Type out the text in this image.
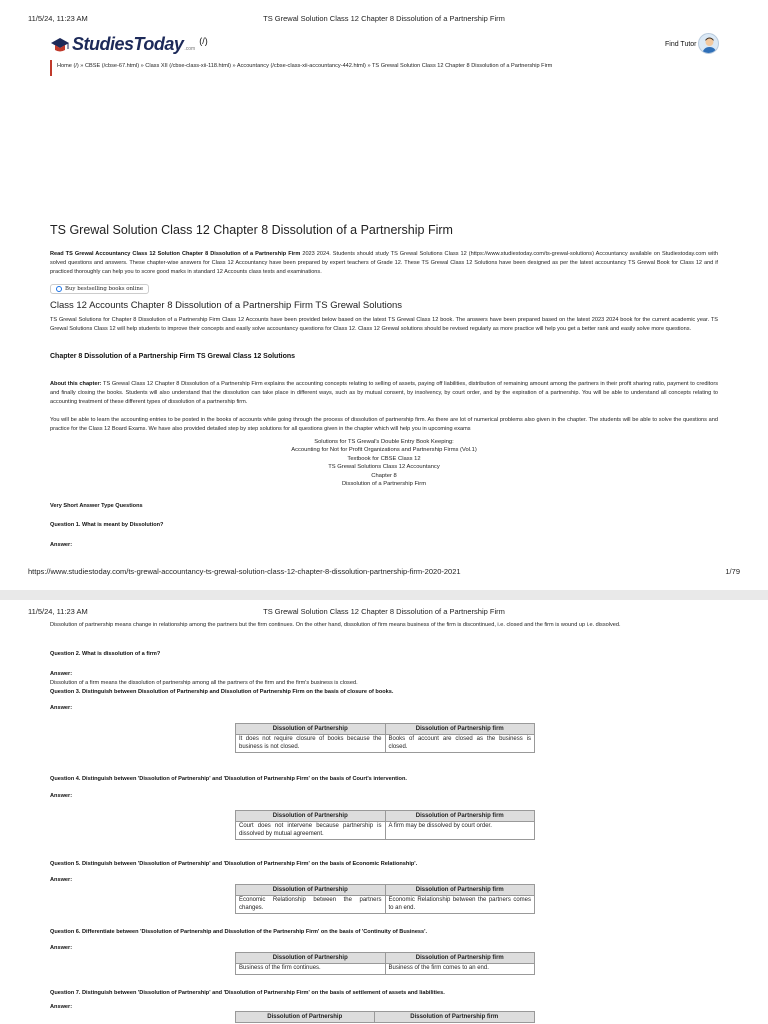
11/5/24, 11:23 AM	TS Grewal Solution Class 12 Chapter 8 Dissolution of a Partnership Firm
Studies Today .com
(/)	Find Tutor
Home (/) » CBSE (/cbse-67.html) » Class XII (/cbse-class-xii-118.html) » Accountancy (/cbse-class-xii-accountancy-442.html) » TS Grewal Solution Class 12 Chapter 8 Dissolution of a Partnership Firm
TS Grewal Solution Class 12 Chapter 8 Dissolution of a Partnership Firm
Read TS Grewal Accountancy Class 12 Solution Chapter 8 Dissolution of a Partnership Firm 2023 2024. Students should study TS Grewal Solutions Class 12 (https://www.studiestoday.com/ts-grewal-solutions) Accountancy available on Studiestoday.com with solved questions and answers. These chapter-wise answers for Class 12 Accountancy have been prepared by expert teachers of Grade 12. These TS Grewal Class 12 Solutions have been designed as per the latest accountancy TS Grewal Book for Class 12 and if practiced thoroughly can help you to score good marks in standard 12 Accounts class tests and examinations.
Buy bestselling books online
Class 12 Accounts Chapter 8 Dissolution of a Partnership Firm TS Grewal Solutions
TS Grewal Solutions for Chapter 8 Dissolution of a Partnership Firm Class 12 Accounts have been provided below based on the latest TS Grewal Class 12 book. The answers have been prepared based on the latest 2023 2024 book for the current academic year. TS Grewal Solutions Class 12 will help students to improve their concepts and easily solve accountancy questions for Class 12. Class 12 Grewal solutions should be revised regularly as more practice will help you get a better rank and easily solve more questions.
Chapter 8 Dissolution of a Partnership Firm TS Grewal Class 12 Solutions
About this chapter: TS Grewal Class 12 Chapter 8 Dissolution of a Partnership Firm explains the accounting concepts relating to selling of assets, paying off liabilities, distribution of remaining amount among the partners in their profit sharing ratio, payment to creditors and finally closing the books. Students will also understand that the dissolution can take place in different ways, such as by mutual consent, by insolvency, by court order, and by the expiration of a partnership. You will be able to understand all concepts relating to accounting treatment of these different types of dissolution of a partnership firm.
You will be able to learn the accounting entries to be posted in the books of accounts while going through the process of dissolution of partnership firm. As there are lot of numerical problems also given in the chapter. The students will be able to solve the questions and practice for the Class 12 Board Exams. We have also provided detailed step by step solutions for all questions given in the chapter which will help you in upcoming exams
Solutions for TS Grewal's Double Entry Book Keeping:
Accounting for Not for Profit Organizations and Partnership Firms (Vol.1)
Textbook for CBSE Class 12
TS Grewal Solutions Class 12 Accountancy
Chapter 8
Dissolution of a Partnership Firm
Very Short Answer Type Questions
Question 1. What is meant by Dissolution?
Answer:
https://www.studiestoday.com/ts-grewal-accountancy-ts-grewal-solution-class-12-chapter-8-dissolution-partnership-firm-2020-2021	1/79
11/5/24, 11:23 AM	TS Grewal Solution Class 12 Chapter 8 Dissolution of a Partnership Firm
Dissolution of partnership means change in relationship among the partners but the firm continues. On the other hand, dissolution of firm means business of the firm is discontinued, i.e. closed and the firm is wound up i.e. dissolved.
Question 2. What is dissolution of a firm?
Answer:
Dissolution of a firm means the dissolution of partnership among all the partners of the firm and the firm's business is closed.
Question 3. Distinguish between Dissolution of Partnership and Dissolution of Partnership Firm on the basis of closure of books.
Answer:
Dissolution of Partnership	Dissolution of Partnership firm
It does not require closure of books because the business is not closed.	Books of account are closed as the business is closed.
Question 4. Distinguish between 'Dissolution of Partnership' and 'Dissolution of Partnership Firm' on the basis of Court's intervention.
Answer:
Dissolution of Partnership	Dissolution of Partnership firm
Court does not intervene because partnership is dissolved by mutual agreement.	A firm may be dissolved by court order.
Question 5. Distinguish between 'Dissolution of Partnership' and 'Dissolution of Partnership Firm' on the basis of Economic Relationship'.
Answer:
Dissolution of Partnership	Dissolution of Partnership firm
Economic Relationship between the partners changes.	Economic Relationship between the partners comes to an end.
Question 6. Differentiate between 'Dissolution of Partnership and Dissolution of the Partnership Firm' on the basis of 'Continuity of Business'.
Answer:
Dissolution of Partnership	Dissolution of Partnership firm
Business of the firm continues.	Business of the firm comes to an end.
Question 7. Distinguish between 'Dissolution of Partnership' and 'Dissolution of Partnership Firm' on the basis of settlement of assets and liabilities.
Answer:
Dissolution of Partnership	Dissolution of Partnership firm
